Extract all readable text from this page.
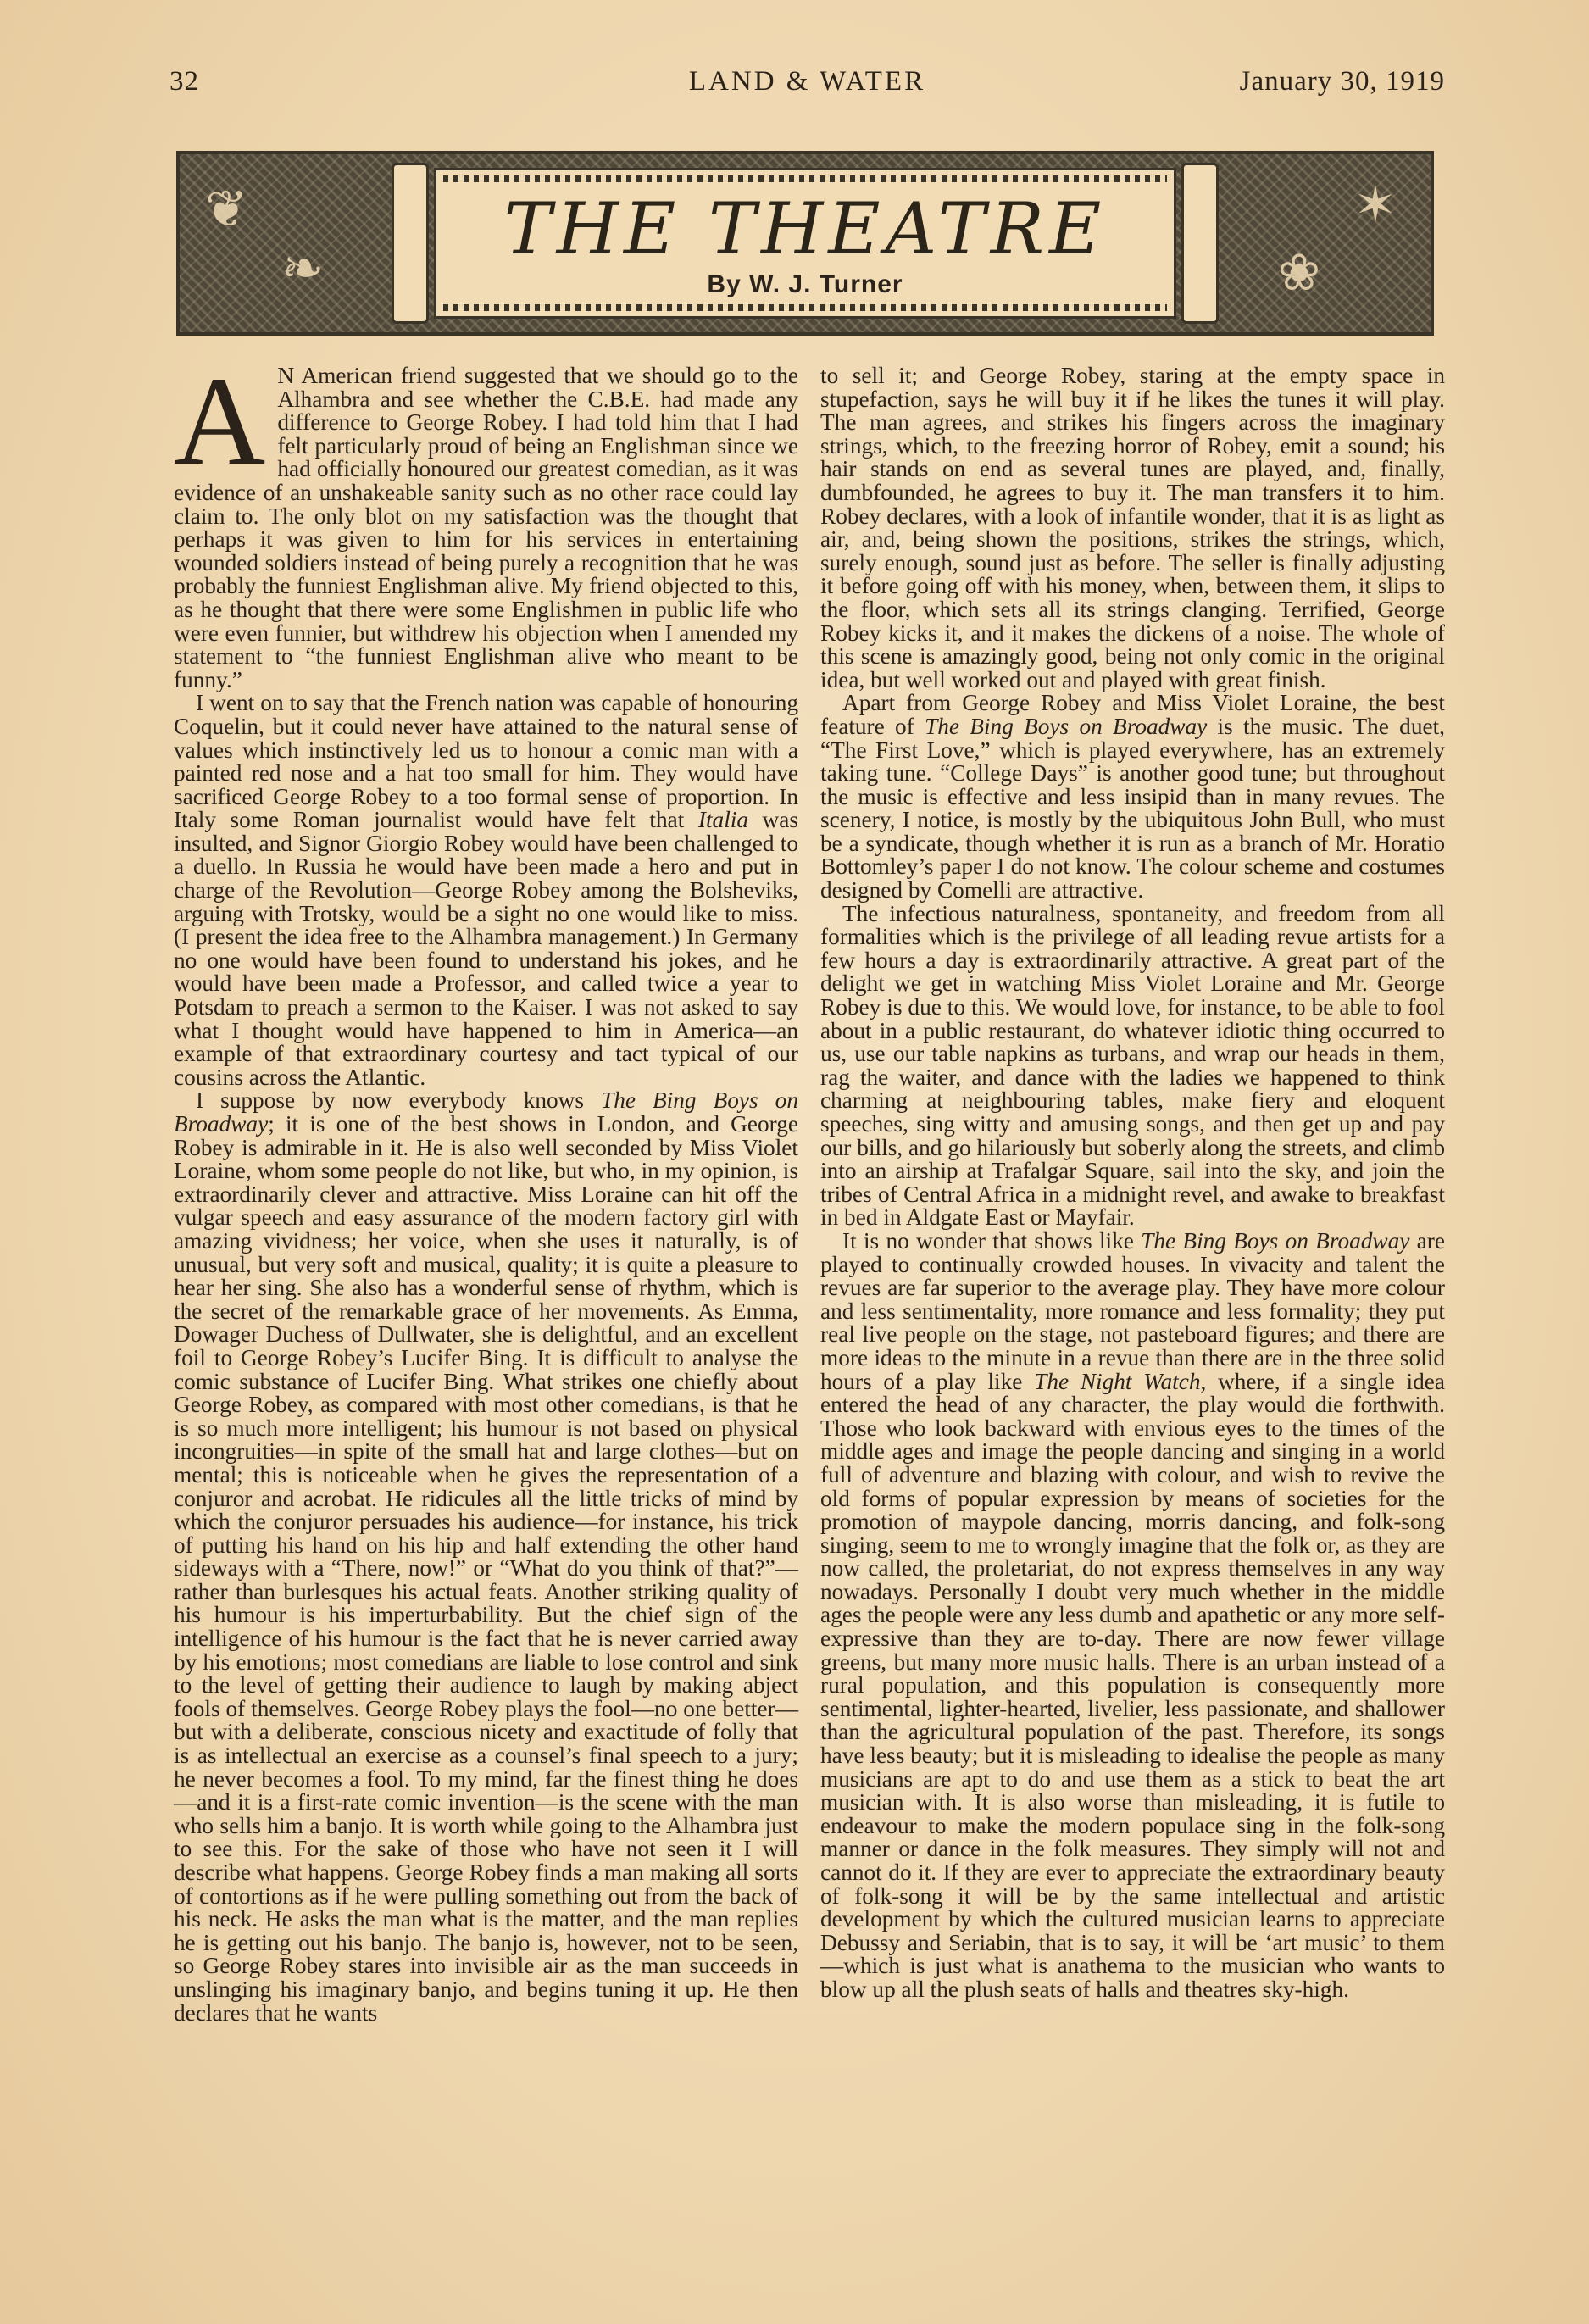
32	LAND & WATER	January 30, 1919
❦
❧
✶
❀
THE THEATRE
By W. J. Turner

A N American friend suggested that we should go to the Alhambra and see whether the C.B.E. had made any difference to George Robey. I had told him that I had felt particularly proud of being an Englishman since we had officially honoured our greatest comedian, as it was evidence of an unshakeable sanity such as no other race could lay claim to. The only blot on my satisfaction was the thought that perhaps it was given to him for his services in entertaining wounded soldiers instead of being purely a recognition that he was probably the funniest Englishman alive. My friend objected to this, as he thought that there were some Englishmen in public life who were even funnier, but withdrew his objection when I amended my statement to “the funniest Englishman alive who meant to be funny.”

I went on to say that the French nation was capable of honouring Coquelin, but it could never have attained to the natural sense of values which instinctively led us to honour a comic man with a painted red nose and a hat too small for him. They would have sacrificed George Robey to a too formal sense of proportion. In Italy some Roman journalist would have felt that Italia was insulted, and Signor Giorgio Robey would have been challenged to a duello. In Russia he would have been made a hero and put in charge of the Revolution—George Robey among the Bolsheviks, arguing with Trotsky, would be a sight no one would like to miss. (I present the idea free to the Alhambra management.) In Germany no one would have been found to understand his jokes, and he would have been made a Professor, and called twice a year to Potsdam to preach a sermon to the Kaiser. I was not asked to say what I thought would have happened to him in America—an example of that extraordinary courtesy and tact typical of our cousins across the Atlantic.

I suppose by now everybody knows The Bing Boys on Broadway; it is one of the best shows in London, and George Robey is admirable in it. He is also well seconded by Miss Violet Loraine, whom some people do not like, but who, in my opinion, is extraordinarily clever and attractive. Miss Loraine can hit off the vulgar speech and easy assurance of the modern factory girl with amazing vividness; her voice, when she uses it naturally, is of unusual, but very soft and musical, quality; it is quite a pleasure to hear her sing. She also has a wonderful sense of rhythm, which is the secret of the remarkable grace of her movements. As Emma, Dowager Duchess of Dullwater, she is delightful, and an excellent foil to George Robey’s Lucifer Bing. It is difficult to analyse the comic substance of Lucifer Bing. What strikes one chiefly about George Robey, as compared with most other comedians, is that he is so much more intelligent; his humour is not based on physical incongruities—in spite of the small hat and large clothes—but on mental; this is noticeable when he gives the representation of a conjuror and acrobat. He ridicules all the little tricks of mind by which the conjuror persuades his audience—for instance, his trick of putting his hand on his hip and half extending the other hand sideways with a “There, now!” or “What do you think of that?”—rather than burlesques his actual feats. Another striking quality of his humour is his imperturbability. But the chief sign of the intelligence of his humour is the fact that he is never carried away by his emotions; most comedians are liable to lose control and sink to the level of getting their audience to laugh by making abject fools of themselves. George Robey plays the fool—no one better—but with a deliberate, conscious nicety and exactitude of folly that is as intellectual an exercise as a counsel’s final speech to a jury; he never becomes a fool. To my mind, far the finest thing he does—and it is a first-rate comic invention—is the scene with the man who sells him a banjo. It is worth while going to the Alhambra just to see this. For the sake of those who have not seen it I will describe what happens. George Robey finds a man making all sorts of contortions as if he were pulling something out from the back of his neck. He asks the man what is the matter, and the man replies he is getting out his banjo. The banjo is, however, not to be seen, so George Robey stares into invisible air as the man succeeds in unslinging his imaginary banjo, and begins tuning it up. He then declares that he wants

to sell it; and George Robey, staring at the empty space in stupefaction, says he will buy it if he likes the tunes it will play. The man agrees, and strikes his fingers across the imaginary strings, which, to the freezing horror of Robey, emit a sound; his hair stands on end as several tunes are played, and, finally, dumbfounded, he agrees to buy it. The man transfers it to him. Robey declares, with a look of infantile wonder, that it is as light as air, and, being shown the positions, strikes the strings, which, surely enough, sound just as before. The seller is finally adjusting it before going off with his money, when, between them, it slips to the floor, which sets all its strings clanging. Terrified, George Robey kicks it, and it makes the dickens of a noise. The whole of this scene is amazingly good, being not only comic in the original idea, but well worked out and played with great finish.

Apart from George Robey and Miss Violet Loraine, the best feature of The Bing Boys on Broadway is the music. The duet, “The First Love,” which is played everywhere, has an extremely taking tune. “College Days” is another good tune; but throughout the music is effective and less insipid than in many revues. The scenery, I notice, is mostly by the ubiquitous John Bull, who must be a syndicate, though whether it is run as a branch of Mr. Horatio Bottomley’s paper I do not know. The colour scheme and costumes designed by Comelli are attractive.

The infectious naturalness, spontaneity, and freedom from all formalities which is the privilege of all leading revue artists for a few hours a day is extraordinarily attractive. A great part of the delight we get in watching Miss Violet Loraine and Mr. George Robey is due to this. We would love, for instance, to be able to fool about in a public restaurant, do whatever idiotic thing occurred to us, use our table napkins as turbans, and wrap our heads in them, rag the waiter, and dance with the ladies we happened to think charming at neighbouring tables, make fiery and eloquent speeches, sing witty and amusing songs, and then get up and pay our bills, and go hilariously but soberly along the streets, and climb into an airship at Trafalgar Square, sail into the sky, and join the tribes of Central Africa in a midnight revel, and awake to breakfast in bed in Aldgate East or Mayfair.

It is no wonder that shows like The Bing Boys on Broadway are played to continually crowded houses. In vivacity and talent the revues are far superior to the average play. They have more colour and less sentimentality, more romance and less formality; they put real live people on the stage, not pasteboard figures; and there are more ideas to the minute in a revue than there are in the three solid hours of a play like The Night Watch, where, if a single idea entered the head of any character, the play would die forthwith. Those who look backward with envious eyes to the times of the middle ages and image the people dancing and singing in a world full of adventure and blazing with colour, and wish to revive the old forms of popular expression by means of societies for the promotion of maypole dancing, morris dancing, and folk-song singing, seem to me to wrongly imagine that the folk or, as they are now called, the proletariat, do not express themselves in any way nowadays. Personally I doubt very much whether in the middle ages the people were any less dumb and apathetic or any more self-expressive than they are to-day. There are now fewer village greens, but many more music halls. There is an urban instead of a rural population, and this population is consequently more sentimental, lighter-hearted, livelier, less passionate, and shallower than the agricultural population of the past. Therefore, its songs have less beauty; but it is misleading to idealise the people as many musicians are apt to do and use them as a stick to beat the art musician with. It is also worse than misleading, it is futile to endeavour to make the modern populace sing in the folk-song manner or dance in the folk measures. They simply will not and cannot do it. If they are ever to appreciate the extraordinary beauty of folk-song it will be by the same intellectual and artistic development by which the cultured musician learns to appreciate Debussy and Seriabin, that is to say, it will be ‘art music’ to them—which is just what is anathema to the musician who wants to blow up all the plush seats of halls and theatres sky-high.
